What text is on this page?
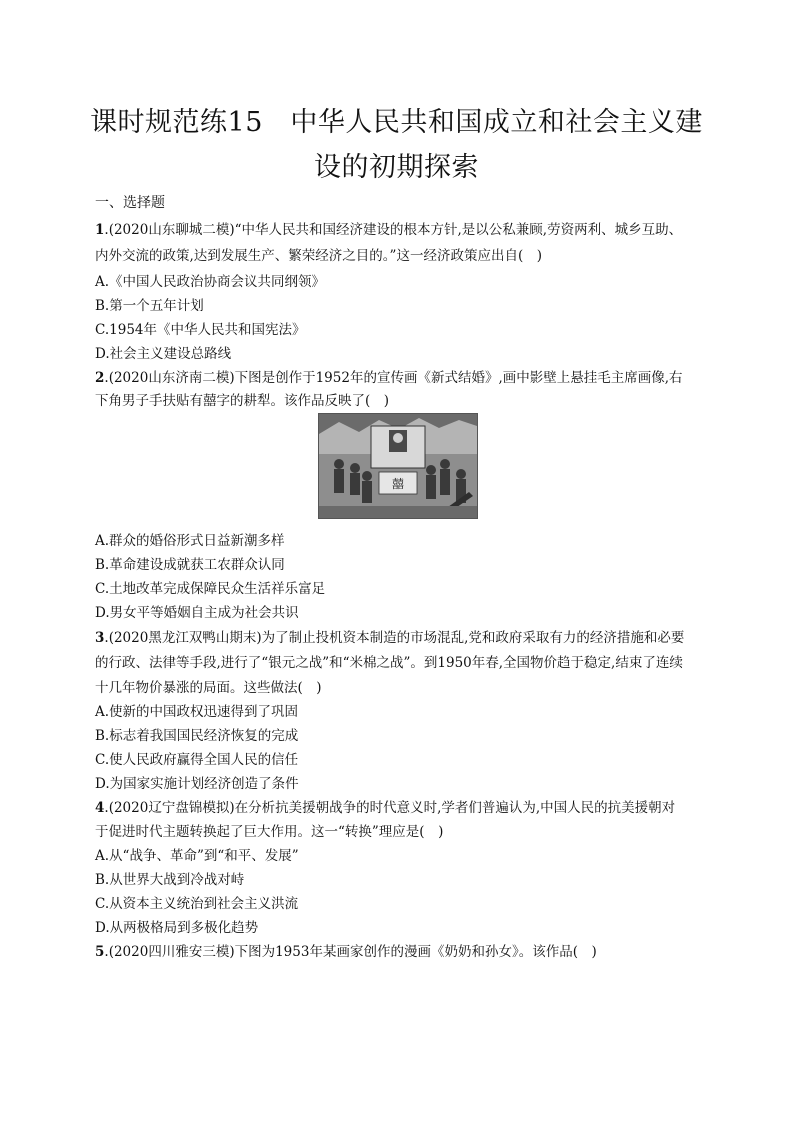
课时规范练15　中华人民共和国成立和社会主义建
设的初期探索
一、选择题
1.(2020山东聊城二模)“中华人民共和国经济建设的根本方针,是以公私兼顾,劳资两利、城乡互助、
内外交流的政策,达到发展生产、繁荣经济之目的。”这一经济政策应出自(　)
A.《中国人民政治协商会议共同纲领》
B.第一个五年计划
C.1954年《中华人民共和国宪法》
D.社会主义建设总路线
2.(2020山东济南二模)下图是创作于1952年的宣传画《新式结婚》,画中影壁上悬挂毛主席画像,右
下角男子手扶贴有囍字的耕犁。该作品反映了(　)
囍
A.群众的婚俗形式日益新潮多样
B.革命建设成就获工农群众认同
C.土地改革完成保障民众生活祥乐富足
D.男女平等婚姻自主成为社会共识
3.(2020黑龙江双鸭山期末)为了制止投机资本制造的市场混乱,党和政府采取有力的经济措施和必要
的行政、法律等手段,进行了“银元之战”和“米棉之战”。到1950年春,全国物价趋于稳定,结束了连续
十几年物价暴涨的局面。这些做法(　)
A.使新的中国政权迅速得到了巩固
B.标志着我国国民经济恢复的完成
C.使人民政府赢得全国人民的信任
D.为国家实施计划经济创造了条件
4.(2020辽宁盘锦模拟)在分析抗美援朝战争的时代意义时,学者们普遍认为,中国人民的抗美援朝对
于促进时代主题转换起了巨大作用。这一“转换”理应是(　)
A.从“战争、革命”到“和平、发展”
B.从世界大战到冷战对峙
C.从资本主义统治到社会主义洪流
D.从两极格局到多极化趋势
5.(2020四川雅安三模)下图为1953年某画家创作的漫画《奶奶和孙女》。该作品(　)
